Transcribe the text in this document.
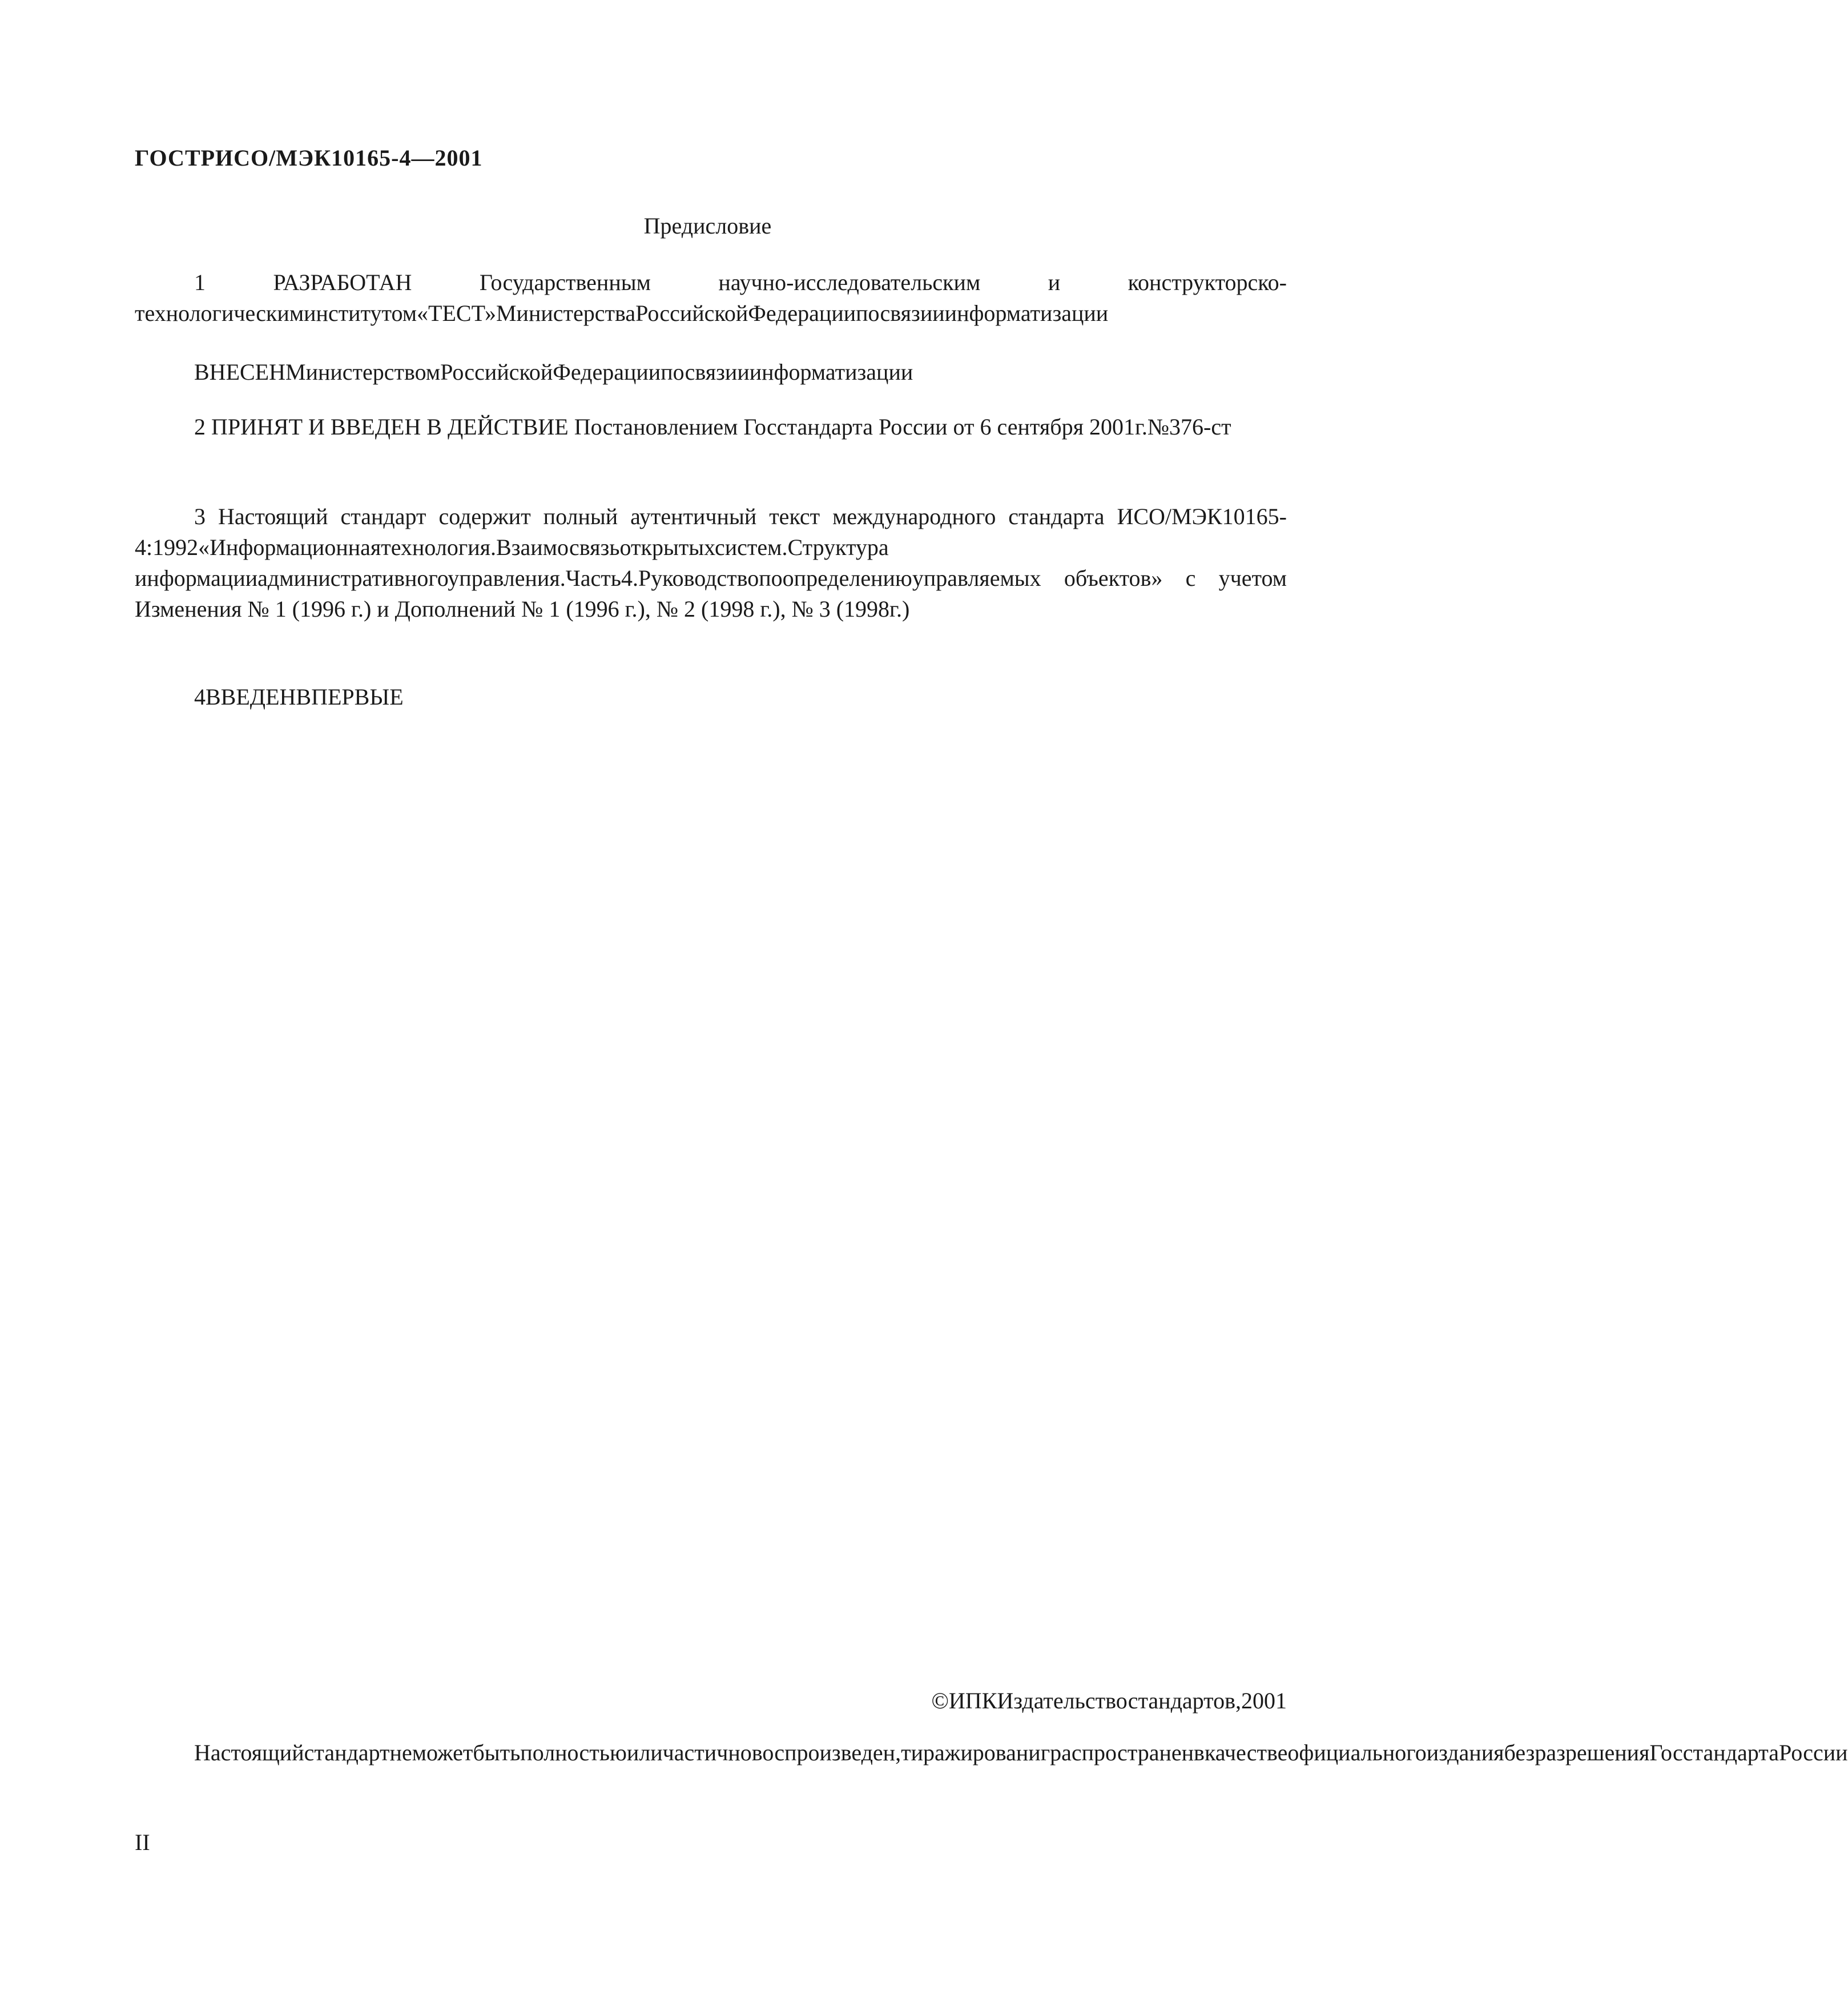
ГОСТРИСО/МЭК10165-4—2001
Предисловие

1 РАЗРАБОТАН Государственным научно-исследовательским и конструкторско-технологическиминститутом«ТЕСТ»МинистерстваРоссийскойФедерациипосвязииинформатизации

ВНЕСЕНМинистерствомРоссийскойФедерациипосвязииинформатизации

2 ПРИНЯТ И ВВЕДЕН В ДЕЙСТВИЕ Постановлением Госстандарта России от 6 сентября 2001г.№376-ст

3 Настоящий стандарт содержит полный аутентичный текст международного стандарта ИСО/МЭК10165-4:1992«Информационнаятехнология.Взаимосвязьоткрытыхсистем.Структура информацииадминистративногоуправления.Часть4.Руководствопоопределениюуправляемых объектов» с учетом Изменения № 1 (1996 г.) и Дополнений № 1 (1996 г.), № 2 (1998 г.), № 3 (1998г.)

4ВВЕДЕНВПЕРВЫЕ

©ИПКИздательствостандартов,2001

Настоящийстандартнеможетбытьполностьюиличастичновоспроизведен,тиражированиграспространенвкачествеофициальногоизданиябезразрешенияГосстандартаРоссии

II
